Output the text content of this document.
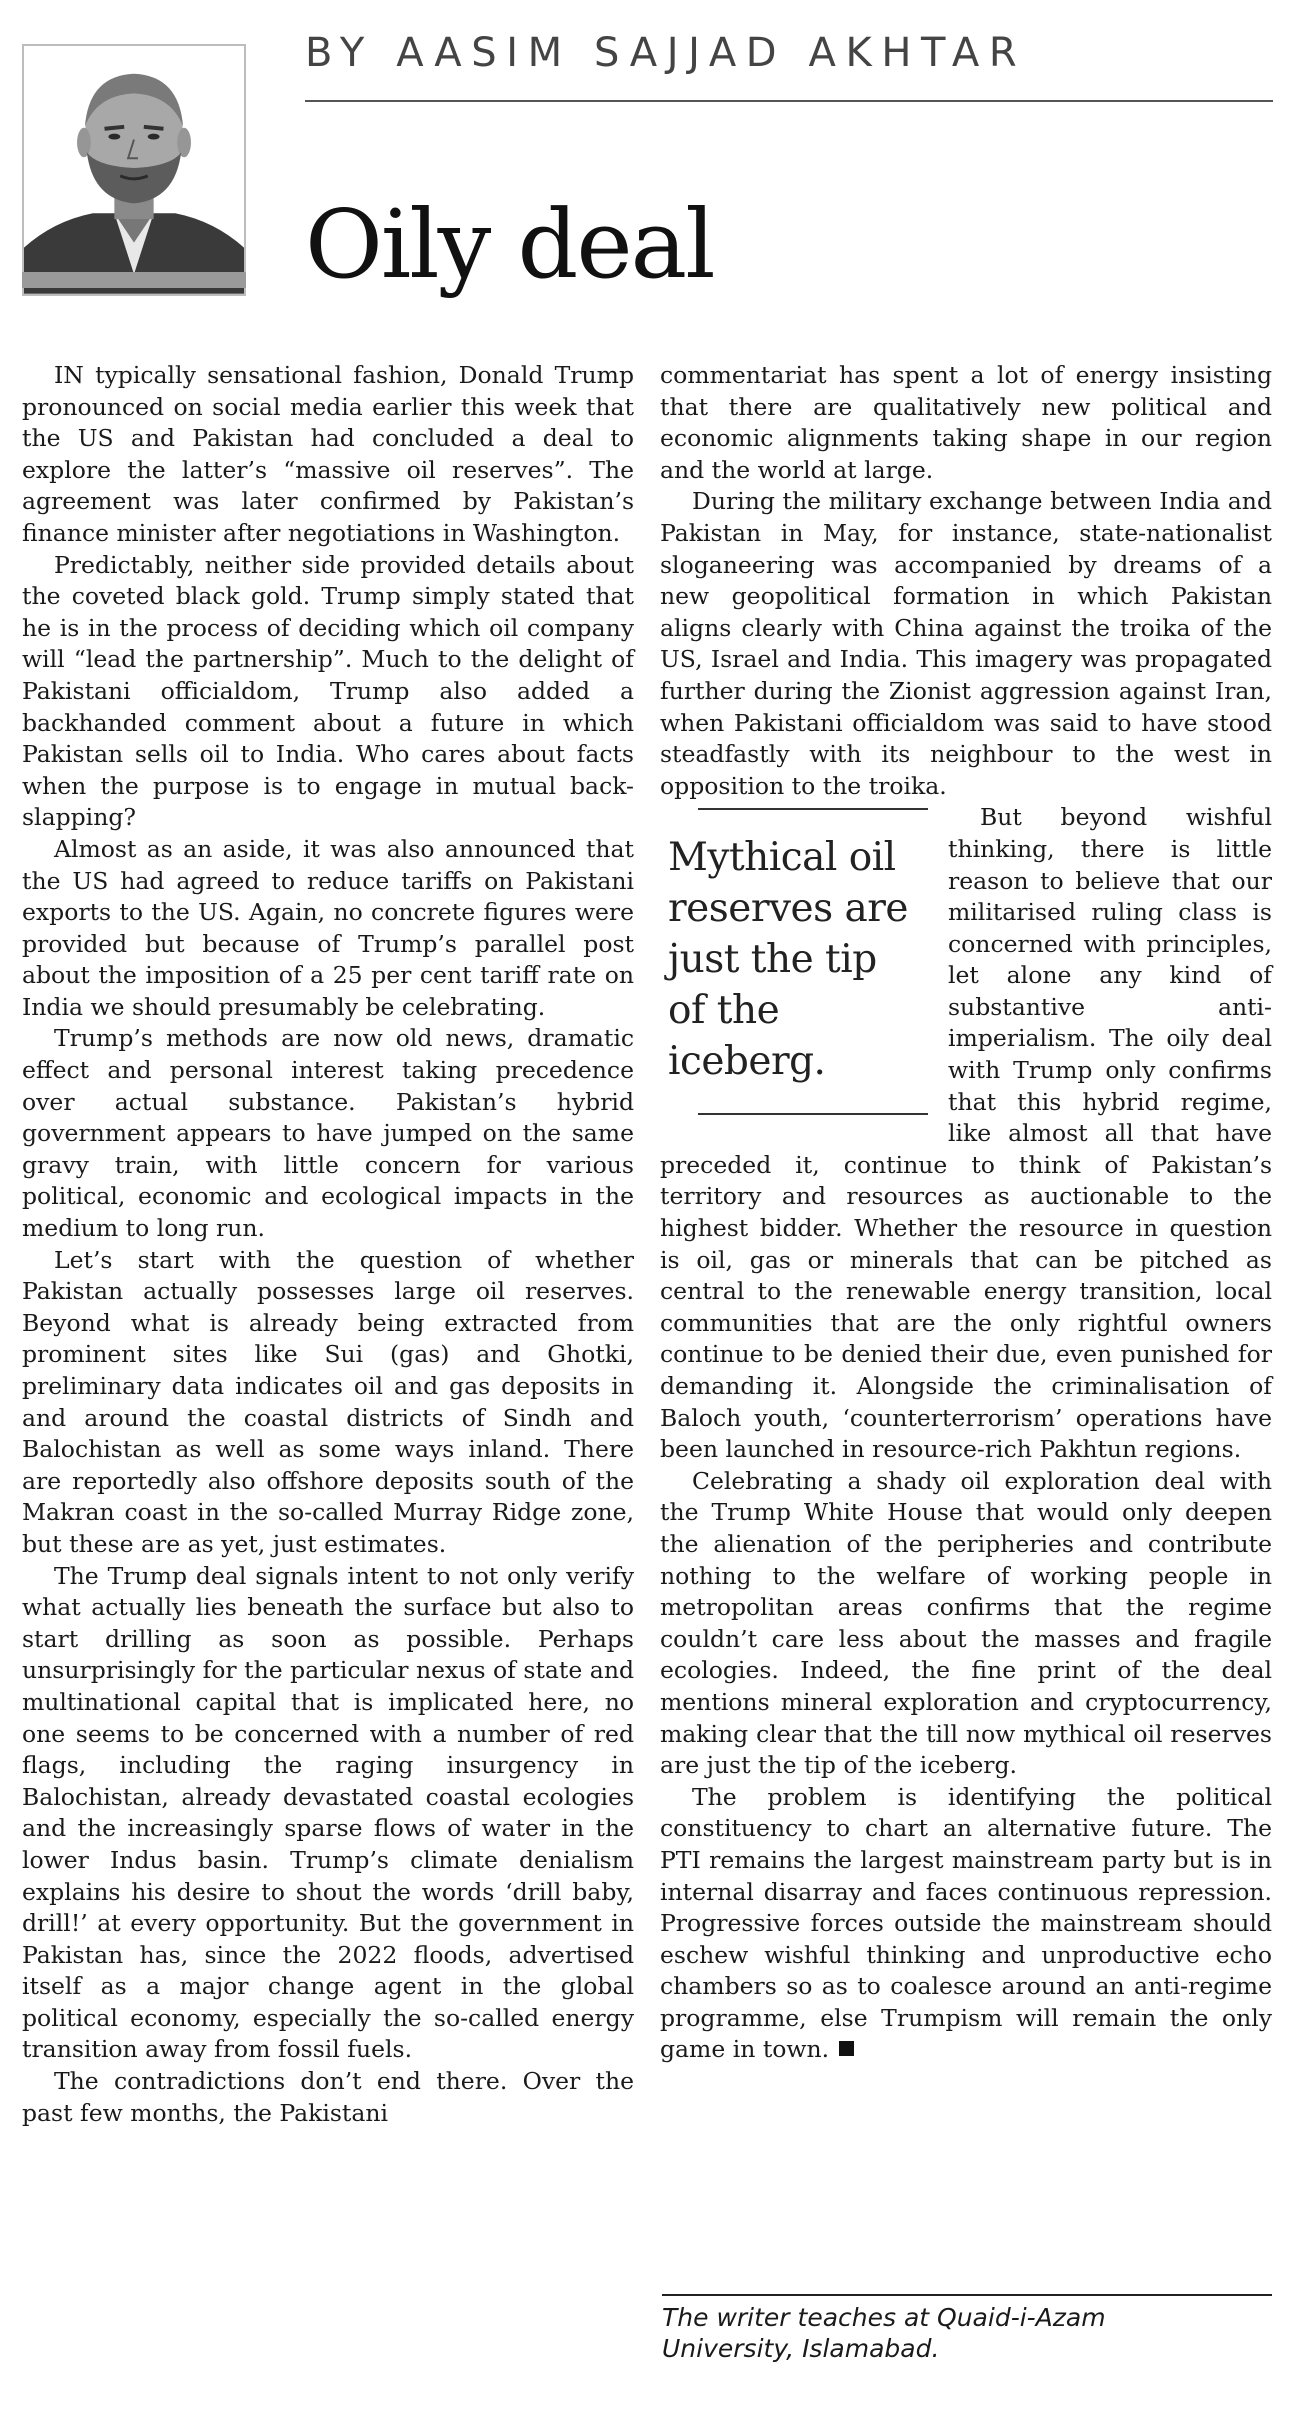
BY AASIM SAJJAD AKHTAR
Oily deal

IN typically sensational fashion, Donald Trump pronounced on social media earlier this week that the US and Pakistan had concluded a deal to explore the latter’s “massive oil reserves”. The agreement was later confirmed by Pakistan’s finance minister after negotiations in Washington.

Predictably, neither side provided details about the coveted black gold. Trump simply stated that he is in the process of deciding which oil company will “lead the partnership”. Much to the delight of Pakistani officialdom, Trump also added a backhanded comment about a future in which Pakistan sells oil to India. Who cares about facts when the purpose is to engage in mutual back-slapping?

Almost as an aside, it was also announced that the US had agreed to reduce tariffs on Pakistani exports to the US. Again, no concrete figures were provided but because of Trump’s parallel post about the imposition of a 25 per cent tariff rate on India we should presumably be celebrating.

Trump’s methods are now old news, dramatic effect and personal interest taking precedence over actual substance. Pakistan’s hybrid government appears to have jumped on the same gravy train, with little concern for various political, economic and ecological impacts in the medium to long run.

Let’s start with the question of whether Pakistan actually possesses large oil reserves. Beyond what is already being extracted from prominent sites like Sui (gas) and Ghotki, preliminary data indicates oil and gas deposits in and around the coastal districts of Sindh and Balochistan as well as some ways inland. There are reportedly also offshore deposits south of the Makran coast in the so-called Murray Ridge zone, but these are as yet, just estimates.

The Trump deal signals intent to not only verify what actually lies beneath the surface but also to start drilling as soon as possible. Perhaps unsurprisingly for the particular nexus of state and multinational capital that is implicated here, no one seems to be concerned with a number of red flags, including the raging insurgency in Balochistan, already devastated coastal ecologies and the increasingly sparse flows of water in the lower Indus basin. Trump’s climate denialism explains his desire to shout the words ‘drill baby, drill!’ at every opportunity. But the government in Pakistan has, since the 2022 floods, advertised itself as a major change agent in the global political economy, especially the so-called energy transition away from fossil fuels.

The contradictions don’t end there. Over the past few months, the Pakistani

commentariat has spent a lot of energy insisting that there are qualitatively new political and economic alignments taking shape in our region and the world at large.

During the military exchange between India and Pakistan in May, for instance, state-nationalist sloganeering was accompanied by dreams of a new geopolitical formation in which Pakistan aligns clearly with China against the troika of the US, Israel and India. This imagery was propagated further during the Zionist aggression against Iran, when Pakistani officialdom was said to have stood steadfastly with its neighbour to the west in opposition to the troika.

Mythical oil reserves are just the tip of the iceberg.

But beyond wishful thinking, there is little reason to believe that our militarised ruling class is concerned with principles, let alone any kind of substantive anti-imperialism. The oily deal with Trump only confirms that this hybrid regime, like almost all that have preceded it, continue to think of Pakistan’s territory and resources as auctionable to the highest bidder. Whether the resource in question is oil, gas or minerals that can be pitched as central to the renewable energy transition, local communities that are the only rightful owners continue to be denied their due, even punished for demanding it. Alongside the criminalisation of Baloch youth, ‘counterterrorism’ operations have been launched in resource-rich Pakhtun regions.

Celebrating a shady oil exploration deal with the Trump White House that would only deepen the alienation of the peripheries and contribute nothing to the welfare of working people in metropolitan areas confirms that the regime couldn’t care less about the masses and fragile ecologies. Indeed, the fine print of the deal mentions mineral exploration and cryptocurrency, making clear that the till now mythical oil reserves are just the tip of the iceberg.

The problem is identifying the political constituency to chart an alternative future. The PTI remains the largest mainstream party but is in internal disarray and faces continuous repression. Progressive forces outside the mainstream should eschew wishful thinking and unproductive echo chambers so as to coalesce around an anti-regime programme, else Trumpism will remain the only game in town.

The writer teaches at Quaid-i-Azam University, Islamabad.
